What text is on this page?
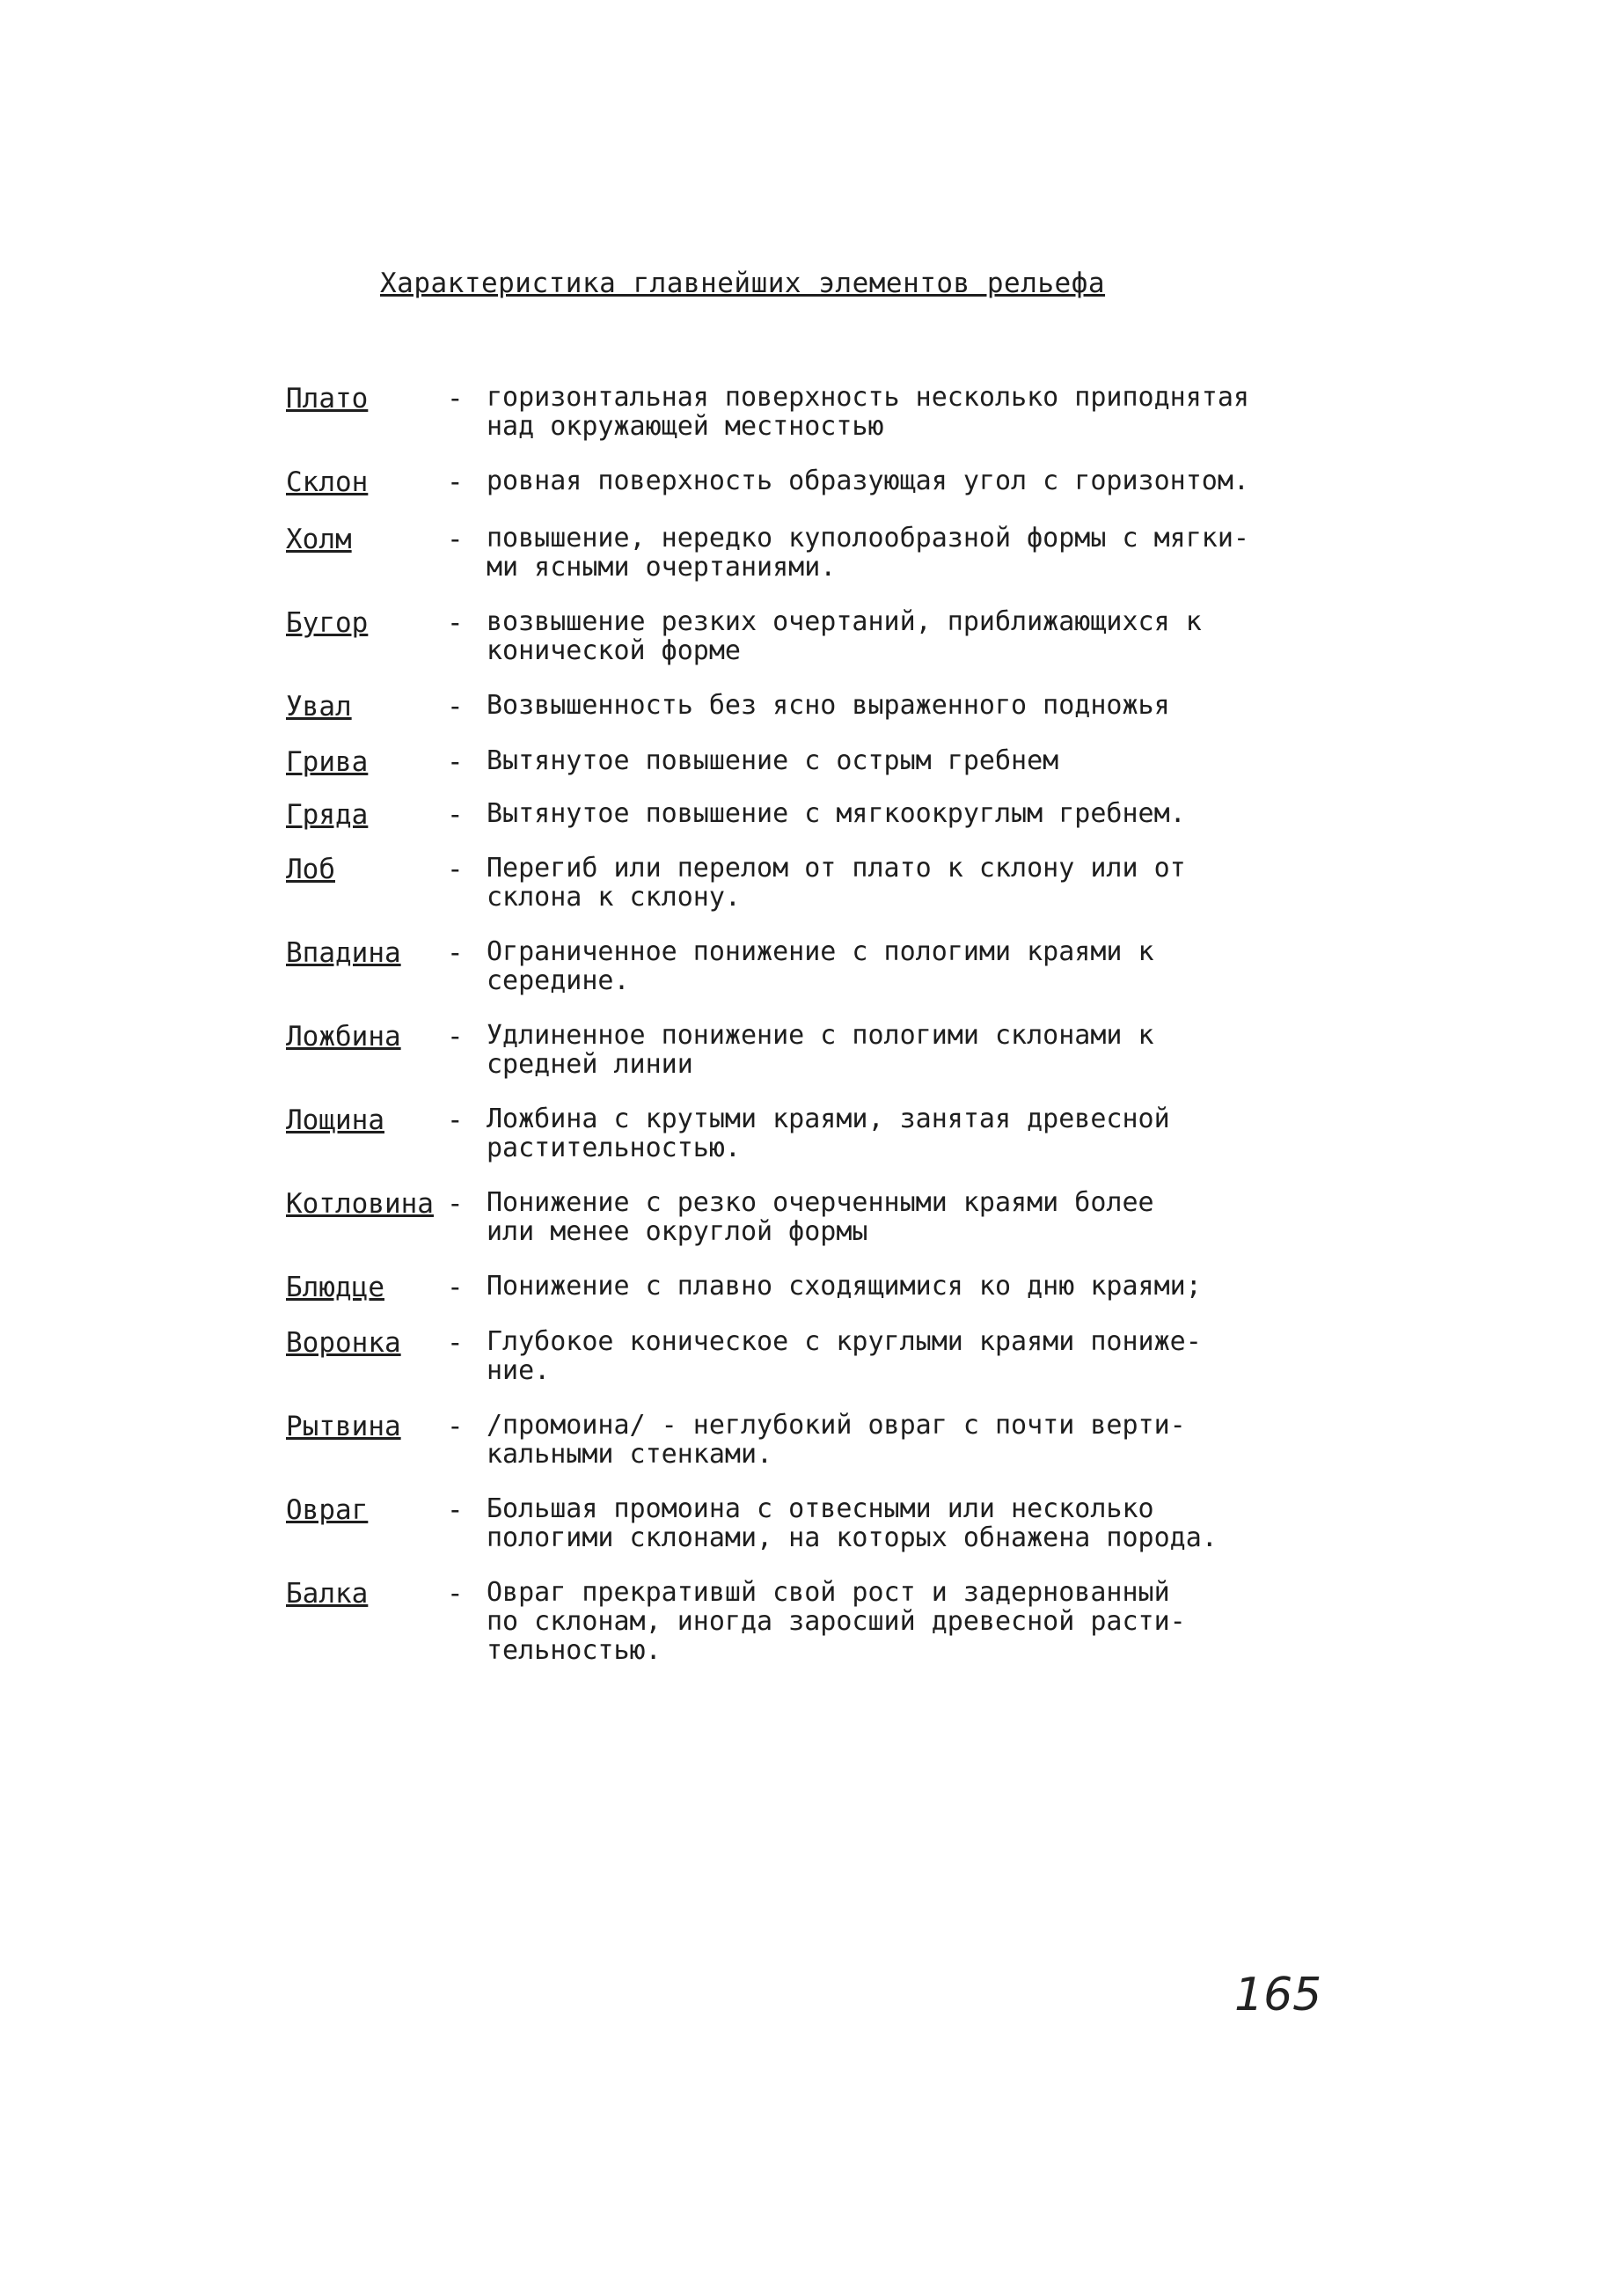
Характеристика главнейших элементов рельефа
Плато	- горизонтальная поверхность несколько приподнятая
над окружающей местностью
Склон	- ровная поверхность образующая угол с горизонтом.
Холм	- повышение, нередко куполообразной формы с мягки-
ми ясными очертаниями.
Бугор	- возвышение резких очертаний, приближающихся к
конической форме
Увал	- Возвышенность без ясно выраженного подножья
Грива	- Вытянутое повышение с острым гребнем
Гряда	- Вытянутое повышение с мягкоокруглым гребнем.
Лоб	- Перегиб или перелом от плато к склону или от
склона к склону.
Впадина - Ограниченное понижение с пологими краями к
середине.
Ложбина - Удлиненное понижение с пологими склонами к
средней линии
Лощина - Ложбина с крутыми краями, занятая древесной
растительностью.
Котловина - Понижение с резко очерченными краями более
или менее округлой формы
Блюдце - Понижение с плавно сходящимися ко дню краями;
Воронка - Глубокое коническое с круглыми краями пониже-
ние.
Рытвина - /промоина/ - неглубокий овраг с почти верти-
кальными стенками.
Овраг	- Большая промоина с отвесными или несколько
пологими склонами, на которых обнажена порода.
Балка	- Овраг прекратившй свой рост и задернованный
по склонам, иногда заросший древесной расти-
тельностью.
165
